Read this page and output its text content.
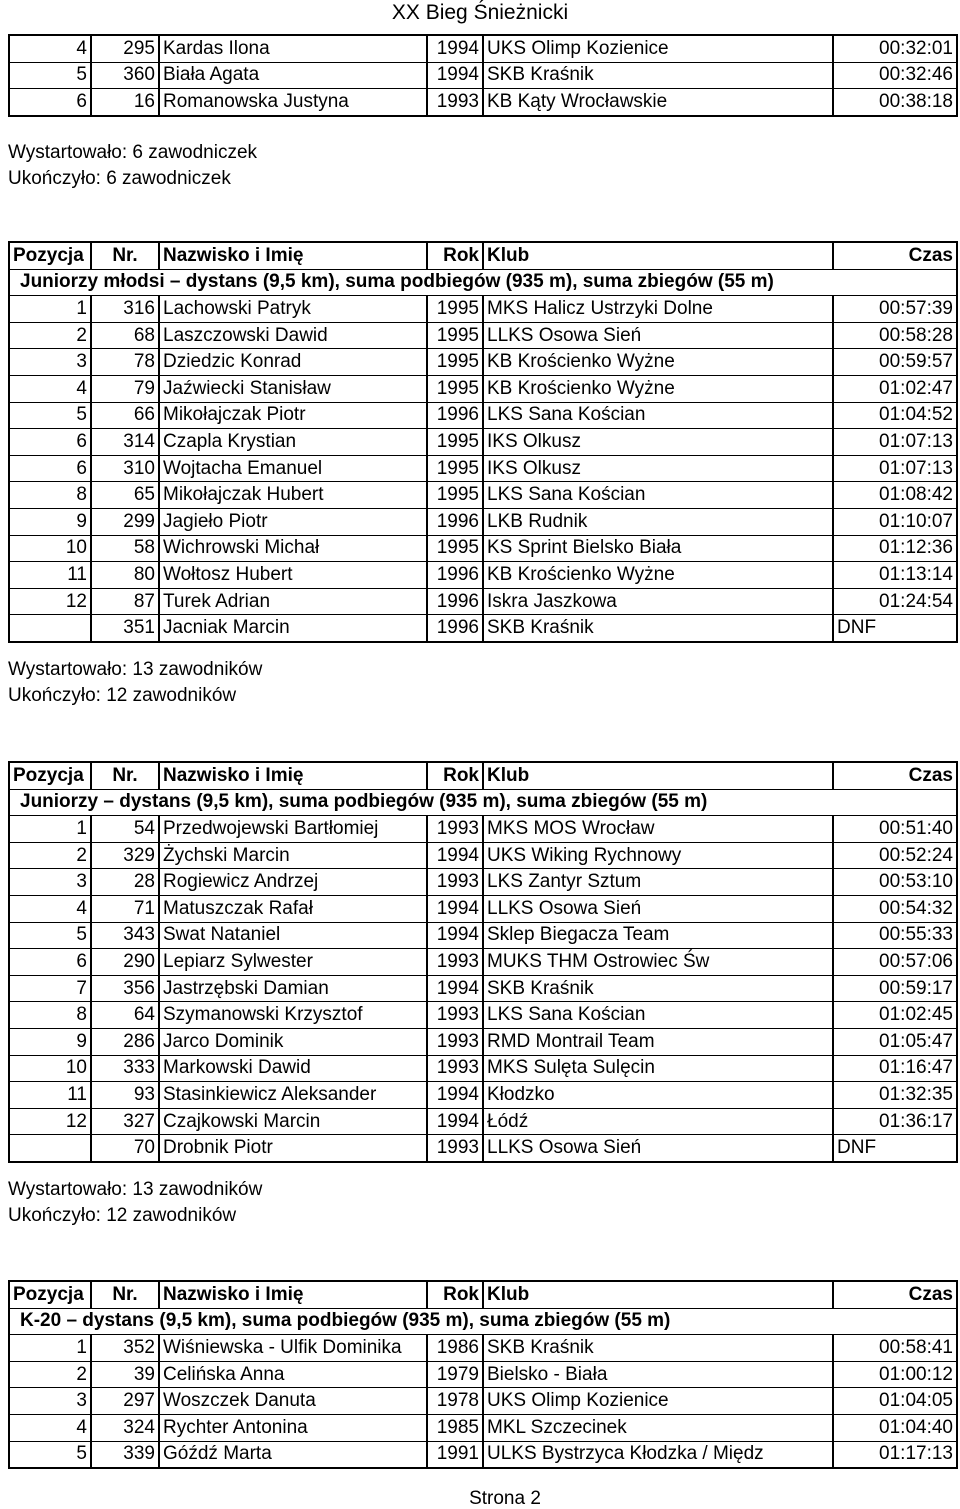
XX Bieg Śnieżnicki
4	295	Kardas Ilona	1994	UKS Olimp Kozienice	00:32:01
5	360	Biała Agata	1994	SKB Kraśnik	00:32:46
6	16	Romanowska Justyna	1993	KB Kąty Wrocławskie	00:38:18
Wystartowało: 6 zawodniczek
Ukończyło: 6 zawodniczek
Pozycja	Nr.	Nazwisko i Imię	Rok	Klub	Czas
Juniorzy młodsi – dystans (9,5 km), suma podbiegów (935 m), suma zbiegów (55 m)					
1	316	Lachowski Patryk	1995	MKS Halicz Ustrzyki Dolne	00:57:39
2	68	Laszczowski Dawid	1995	LLKS Osowa Sień	00:58:28
3	78	Dziedzic Konrad	1995	KB Krościenko Wyżne	00:59:57
4	79	Jaźwiecki Stanisław	1995	KB Krościenko Wyżne	01:02:47
5	66	Mikołajczak Piotr	1996	LKS Sana Kościan	01:04:52
6	314	Czapla Krystian	1995	IKS Olkusz	01:07:13
6	310	Wojtacha Emanuel	1995	IKS Olkusz	01:07:13
8	65	Mikołajczak Hubert	1995	LKS Sana Kościan	01:08:42
9	299	Jagieło Piotr	1996	LKB Rudnik	01:10:07
10	58	Wichrowski Michał	1995	KS Sprint Bielsko Biała	01:12:36
11	80	Wołtosz Hubert	1996	KB Krościenko Wyżne	01:13:14
12	87	Turek Adrian	1996	Iskra Jaszkowa	01:24:54
	351	Jacniak Marcin	1996	SKB Kraśnik	DNF
Wystartowało: 13 zawodników
Ukończyło: 12 zawodników
Pozycja	Nr.	Nazwisko i Imię	Rok	Klub	Czas
Juniorzy – dystans (9,5 km), suma podbiegów (935 m), suma zbiegów (55 m)					
1	54	Przedwojewski Bartłomiej	1993	MKS MOS Wrocław	00:51:40
2	329	Żychski Marcin	1994	UKS Wiking Rychnowy	00:52:24
3	28	Rogiewicz Andrzej	1993	LKS Zantyr Sztum	00:53:10
4	71	Matuszczak Rafał	1994	LLKS Osowa Sień	00:54:32
5	343	Swat Nataniel	1994	Sklep Biegacza Team	00:55:33
6	290	Lepiarz Sylwester	1993	MUKS THM Ostrowiec Św	00:57:06
7	356	Jastrzębski Damian	1994	SKB Kraśnik	00:59:17
8	64	Szymanowski Krzysztof	1993	LKS Sana Kościan	01:02:45
9	286	Jarco Dominik	1993	RMD Montrail Team	01:05:47
10	333	Markowski Dawid	1993	MKS Sulęta Sulęcin	01:16:47
11	93	Stasinkiewicz Aleksander	1994	Kłodzko	01:32:35
12	327	Czajkowski Marcin	1994	Łódź	01:36:17
	70	Drobnik Piotr	1993	LLKS Osowa Sień	DNF
Wystartowało: 13 zawodników
Ukończyło: 12 zawodników
Pozycja	Nr.	Nazwisko i Imię	Rok	Klub	Czas
K-20 – dystans (9,5 km), suma podbiegów (935 m), suma zbiegów (55 m)					
1	352	Wiśniewska - Ulfik Dominika	1986	SKB Kraśnik	00:58:41
2	39	Celińska Anna	1979	Bielsko - Biała	01:00:12
3	297	Woszczek Danuta	1978	UKS Olimp Kozienice	01:04:05
4	324	Rychter Antonina	1985	MKL Szczecinek	01:04:40
5	339	Góźdź Marta	1991	ULKS Bystrzyca Kłodzka / Międz	01:17:13
Strona 2
